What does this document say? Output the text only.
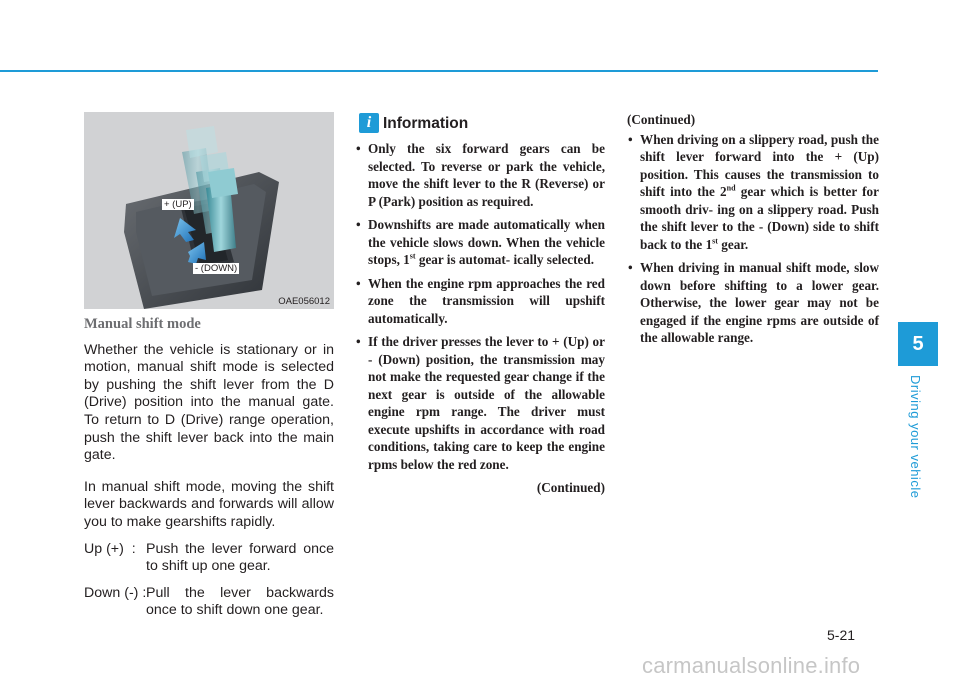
5
Driving your vehicle
+ (UP)
- (DOWN)
OAE056012
Manual shift mode

Whether the vehicle is stationary or in motion, manual shift mode is selected by pushing the shift lever from the D (Drive) position into the manual gate. To return to D (Drive) range operation, push the shift lever back into the main gate.

In manual shift mode, moving the shift lever backwards and forwards will allow you to make gearshifts rapidly.

Up (+)  : Push the lever forward once to shift up one gear.
Down (-) : Pull the lever backwards once to shift down one gear.
i Information
• Only the six forward gears can be selected. To reverse or park the vehicle, move the shift lever to the R (Reverse) or P (Park) position as required.
• Downshifts are made automatically when the vehicle slows down. When the vehicle stops, 1st gear is automat- ically selected.
• When the engine rpm approaches the red zone the transmission will upshift automatically.
• If the driver presses the lever to + (Up) or - (Down) position, the transmission may not make the requested gear change if the next gear is outside of the allowable engine rpm range. The driver must execute upshifts in accordance with road conditions, taking care to keep the engine rpms below the red zone.
(Continued)
(Continued)
• When driving on a slippery road, push the shift lever forward into the + (Up) position. This causes the transmission to shift into the 2nd gear which is better for smooth driv- ing on a slippery road. Push the shift lever to the - (Down) side to shift back to the 1st gear.
• When driving in manual shift mode, slow down before shifting to a lower gear. Otherwise, the lower gear may not be engaged if the engine rpms are outside of the allowable range.
5-21
carmanualsonline.info
